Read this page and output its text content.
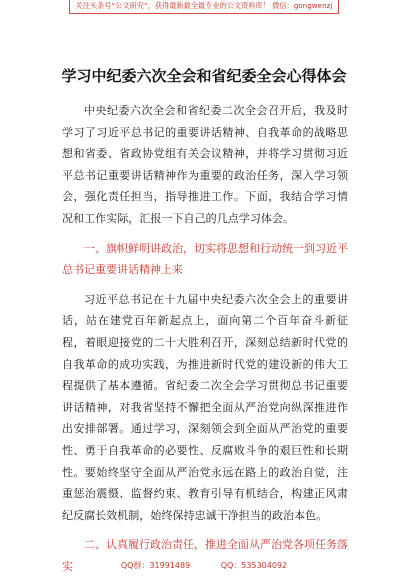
关注头条号“公文研究”，获得最新最全最专业的公文资料库！ 微信：gongwenzj
学习中纪委六次全会和省纪委全会心得体会

中央纪委六次全会和省纪委二次全会召开后，我及时学习了习近平总书记的重要讲话精神、自我革命的战略思想和省委、省政协党组有关会议精神，并将学习贯彻习近平总书记重要讲话精神作为重要的政治任务，深入学习领会，强化责任担当，指导推进工作。下面，我结合学习情况和工作实际，汇报一下自己的几点学习体会。

一、旗帜鲜明讲政治，切实将思想和行动统一到习近平总书记重要讲话精神上来

习近平总书记在十九届中央纪委六次全会上的重要讲话，站在建党百年新起点上，面向第二个百年奋斗新征程，着眼迎接党的二十大胜利召开，深刻总结新时代党的自我革命的成功实践，为推进新时代党的建设新的伟大工程提供了基本遵循。省纪委二次全会学习贯彻总书记重要讲话精神，对我省坚持不懈把全面从严治党向纵深推进作出安排部署。通过学习，深刻领会到全面从严治党的重要性、勇于自我革命的必要性、反腐败斗争的艰巨性和长期性。要始终坚守全面从严治党永远在路上的政治自觉，注重惩治震慑、监督约束、教育引导有机结合，构建正风肃纪反腐长效机制，始终保持忠诚干净担当的政治本色。

二、认真履行政治责任，推进全面从严治党各项任务落实	QQ群：31991489	QQ：535304092
